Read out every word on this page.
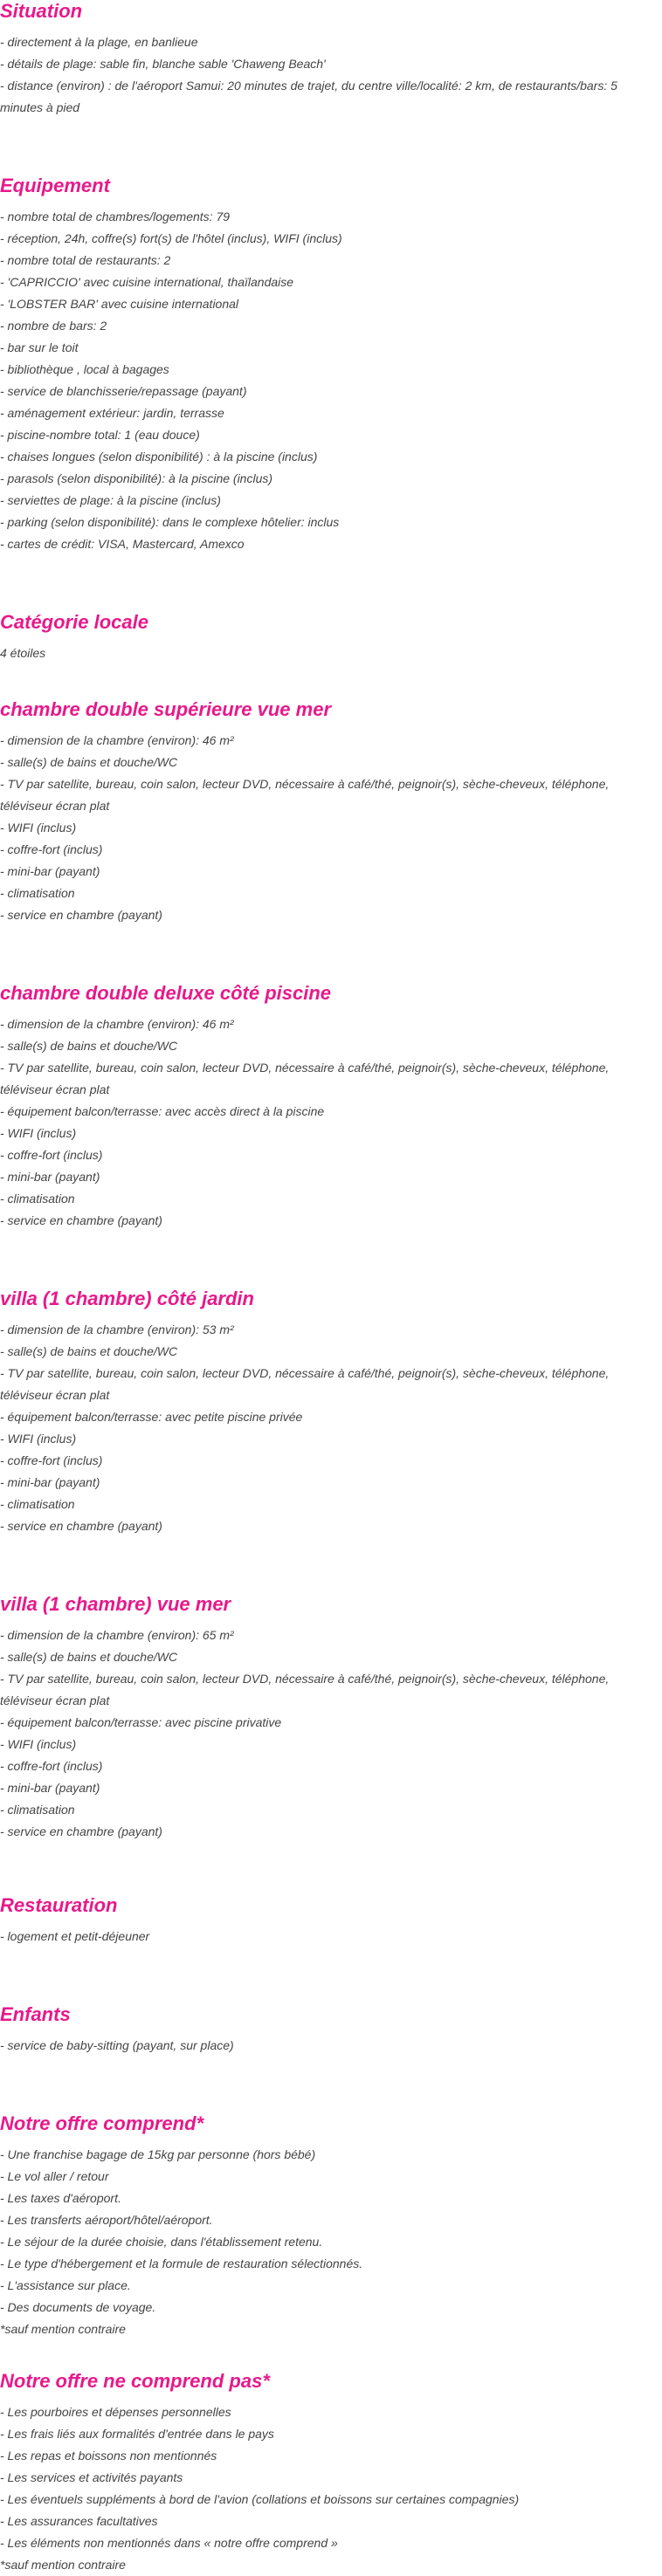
Situation

- directement à la plage, en banlieue

- détails de plage: sable fin, blanche sable 'Chaweng Beach'

- distance (environ) : de l'aéroport Samui: 20 minutes de trajet, du centre ville/localité: 2 km, de restaurants/bars: 5 minutes à pied

Equipement

- nombre total de chambres/logements: 79

- réception, 24h, coffre(s) fort(s) de l'hôtel (inclus), WIFI (inclus)

- nombre total de restaurants: 2

- 'CAPRICCIO' avec cuisine international, thaïlandaise

- 'LOBSTER BAR' avec cuisine international

- nombre de bars: 2

- bar sur le toit

- bibliothèque , local à bagages

- service de blanchisserie/repassage (payant)

- aménagement extérieur: jardin, terrasse

- piscine-nombre total: 1 (eau douce)

- chaises longues (selon disponibilité) : à la piscine (inclus)

- parasols (selon disponibilité): à la piscine (inclus)

- serviettes de plage: à la piscine (inclus)

- parking (selon disponibilité): dans le complexe hôtelier: inclus

- cartes de crédit: VISA, Mastercard, Amexco

Catégorie locale

4 étoiles

chambre double supérieure vue mer

- dimension de la chambre (environ): 46 m²

- salle(s) de bains et douche/WC

- TV par satellite, bureau, coin salon, lecteur DVD, nécessaire à café/thé, peignoir(s), sèche-cheveux, téléphone, téléviseur écran plat

- WIFI (inclus)

- coffre-fort (inclus)

- mini-bar (payant)

- climatisation

- service en chambre (payant)

chambre double deluxe côté piscine

- dimension de la chambre (environ): 46 m²

- salle(s) de bains et douche/WC

- TV par satellite, bureau, coin salon, lecteur DVD, nécessaire à café/thé, peignoir(s), sèche-cheveux, téléphone, téléviseur écran plat

- équipement balcon/terrasse: avec accès direct à la piscine

- WIFI (inclus)

- coffre-fort (inclus)

- mini-bar (payant)

- climatisation

- service en chambre (payant)

villa (1 chambre) côté jardin

- dimension de la chambre (environ): 53 m²

- salle(s) de bains et douche/WC

- TV par satellite, bureau, coin salon, lecteur DVD, nécessaire à café/thé, peignoir(s), sèche-cheveux, téléphone, téléviseur écran plat

- équipement balcon/terrasse: avec petite piscine privée

- WIFI (inclus)

- coffre-fort (inclus)

- mini-bar (payant)

- climatisation

- service en chambre (payant)

villa (1 chambre) vue mer

- dimension de la chambre (environ): 65 m²

- salle(s) de bains et douche/WC

- TV par satellite, bureau, coin salon, lecteur DVD, nécessaire à café/thé, peignoir(s), sèche-cheveux, téléphone, téléviseur écran plat

- équipement balcon/terrasse: avec piscine privative

- WIFI (inclus)

- coffre-fort (inclus)

- mini-bar (payant)

- climatisation

- service en chambre (payant)

Restauration

- logement et petit-déjeuner

Enfants

- service de baby-sitting (payant, sur place)

Notre offre comprend*

- Une franchise bagage de 15kg par personne (hors bébé)

- Le vol aller / retour

- Les taxes d'aéroport.

- Les transferts aéroport/hôtel/aéroport.

- Le séjour de la durée choisie, dans l'établissement retenu.

- Le type d'hébergement et la formule de restauration sélectionnés.

- L'assistance sur place.

- Des documents de voyage.

*sauf mention contraire

Notre offre ne comprend pas*

- Les pourboires et dépenses personnelles

- Les frais liés aux formalités d'entrée dans le pays

- Les repas et boissons non mentionnés

- Les services et activités payants

- Les éventuels suppléments à bord de l'avion (collations et boissons sur certaines compagnies)

- Les assurances facultatives

- Les éléments non mentionnés dans « notre offre comprend »

*sauf mention contraire
